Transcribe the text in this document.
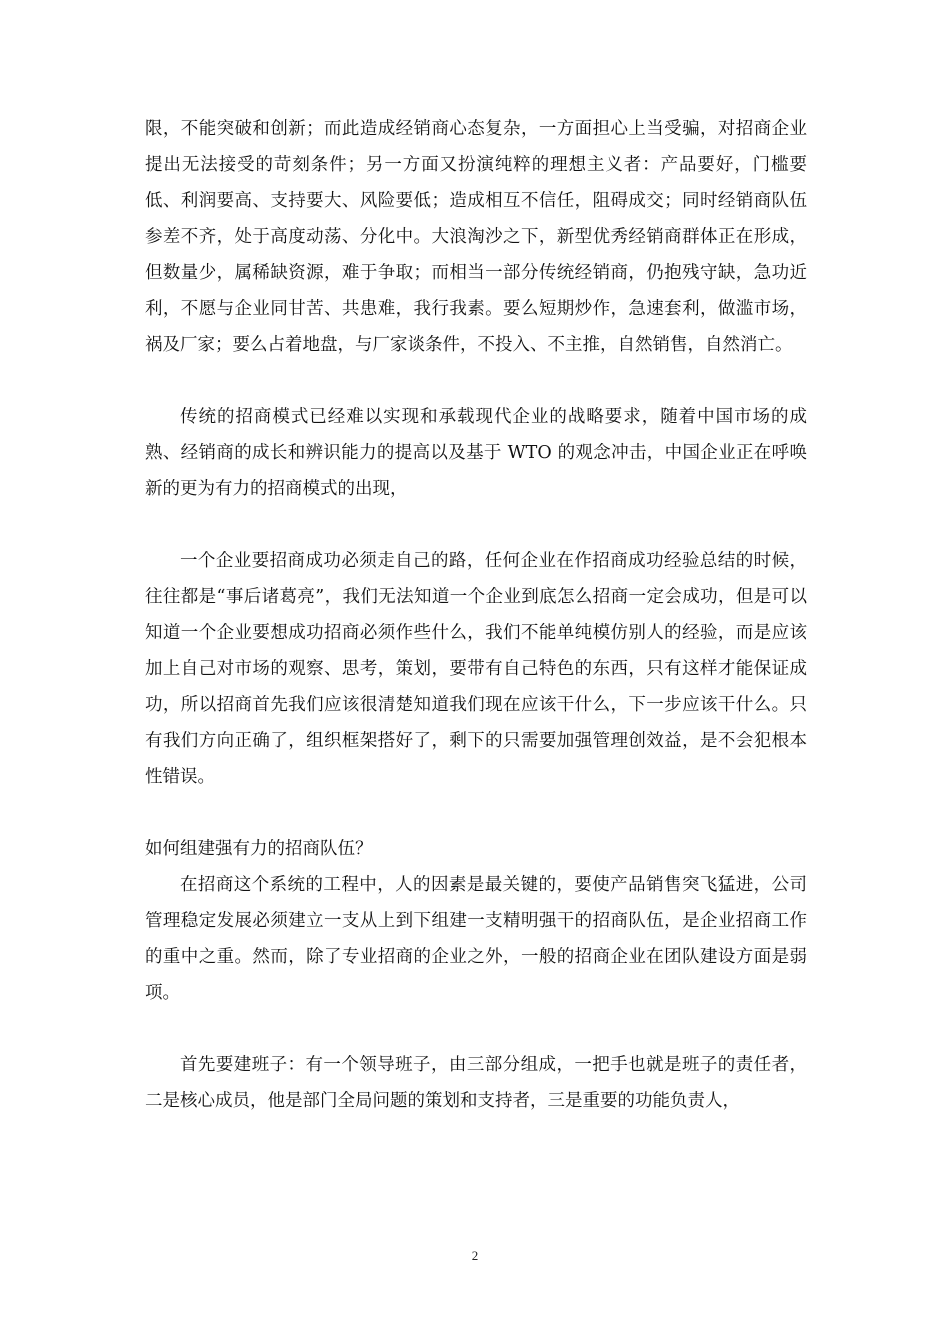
限，不能突破和创新；而此造成经销商心态复杂，一方面担心上当受骗，对招商企业提出无法接受的苛刻条件；另一方面又扮演纯粹的理想主义者：产品要好，门槛要低、利润要高、支持要大、风险要低；造成相互不信任，阻碍成交；同时经销商队伍参差不齐，处于高度动荡、分化中。大浪淘沙之下，新型优秀经销商群体正在形成，但数量少，属稀缺资源，难于争取；而相当一部分传统经销商，仍抱残守缺，急功近利，不愿与企业同甘苦、共患难，我行我素。要么短期炒作，急速套利，做滥市场，祸及厂家；要么占着地盘，与厂家谈条件，不投入、不主推，自然销售，自然消亡。

传统的招商模式已经难以实现和承载现代企业的战略要求，随着中国市场的成熟、经销商的成长和辨识能力的提高以及基于 WTO 的观念冲击，中国企业正在呼唤新的更为有力的招商模式的出现，

一个企业要招商成功必须走自己的路，任何企业在作招商成功经验总结的时候，往往都是“事后诸葛亮”，我们无法知道一个企业到底怎么招商一定会成功，但是可以知道一个企业要想成功招商必须作些什么，我们不能单纯模仿别人的经验，而是应该加上自己对市场的观察、思考，策划，要带有自己特色的东西，只有这样才能保证成功，所以招商首先我们应该很清楚知道我们现在应该干什么，下一步应该干什么。只有我们方向正确了，组织框架搭好了，剩下的只需要加强管理创效益，是不会犯根本性错误。

如何组建强有力的招商队伍？

在招商这个系统的工程中，人的因素是最关键的，要使产品销售突飞猛进，公司管理稳定发展必须建立一支从上到下组建一支精明强干的招商队伍，是企业招商工作的重中之重。然而，除了专业招商的企业之外，一般的招商企业在团队建设方面是弱项。

首先要建班子：有一个领导班子，由三部分组成，一把手也就是班子的责任者，二是核心成员，他是部门全局问题的策划和支持者，三是重要的功能负责人，

2
